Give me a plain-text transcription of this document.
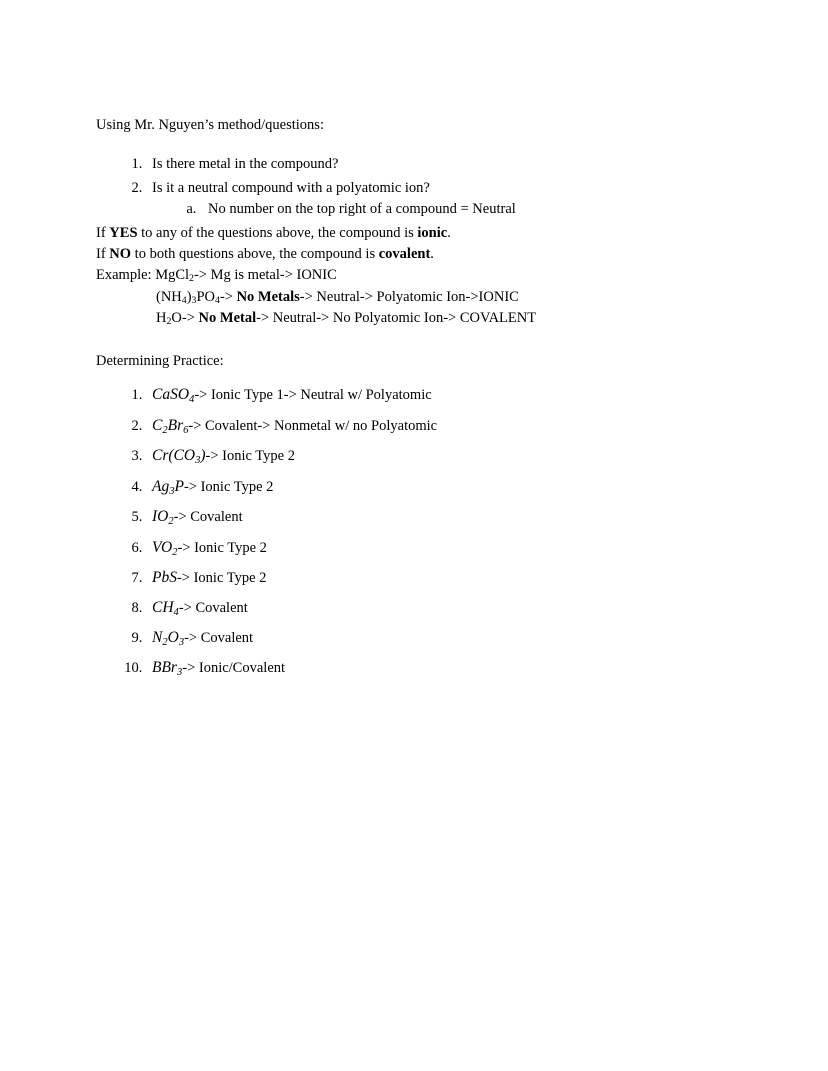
Using Mr. Nguyen’s method/questions:

1. Is there metal in the compound?
2. Is it a neutral compound with a polyatomic ion?
a. No number on the top right of a compound = Neutral

If YES to any of the questions above, the compound is ionic.

If NO to both questions above, the compound is covalent.

Example: MgCl$_2$-> Mg is metal-> IONIC

$(NH_4)_3PO_4-> No$ Metals-> Neutral-> Polyatomic Ion->IONIC

$H_2O-> No$ Metal-> Neutral-> No Polyatomic Ion-> COVALENT

Determining Practice:

1. CaSO$_4$-> Ionic Type 1-> Neutral w/ Polyatomic
2. $C_2Br_6->$ Covalent-> Nonmetal w/ no Polyatomic
3. $Cr(CO_3)->$ Ionic Type 2
4. $Ag_3P->$ Ionic Type 2
5. $IO_2->$ Covalent
6. $VO_2->$ Ionic Type 2
7. PbS-> Ionic Type 2
8. $CH_4->$ Covalent
9. $N_2O_3->$ Covalent
10. BBr$_3$-> Ionic/Covalent
